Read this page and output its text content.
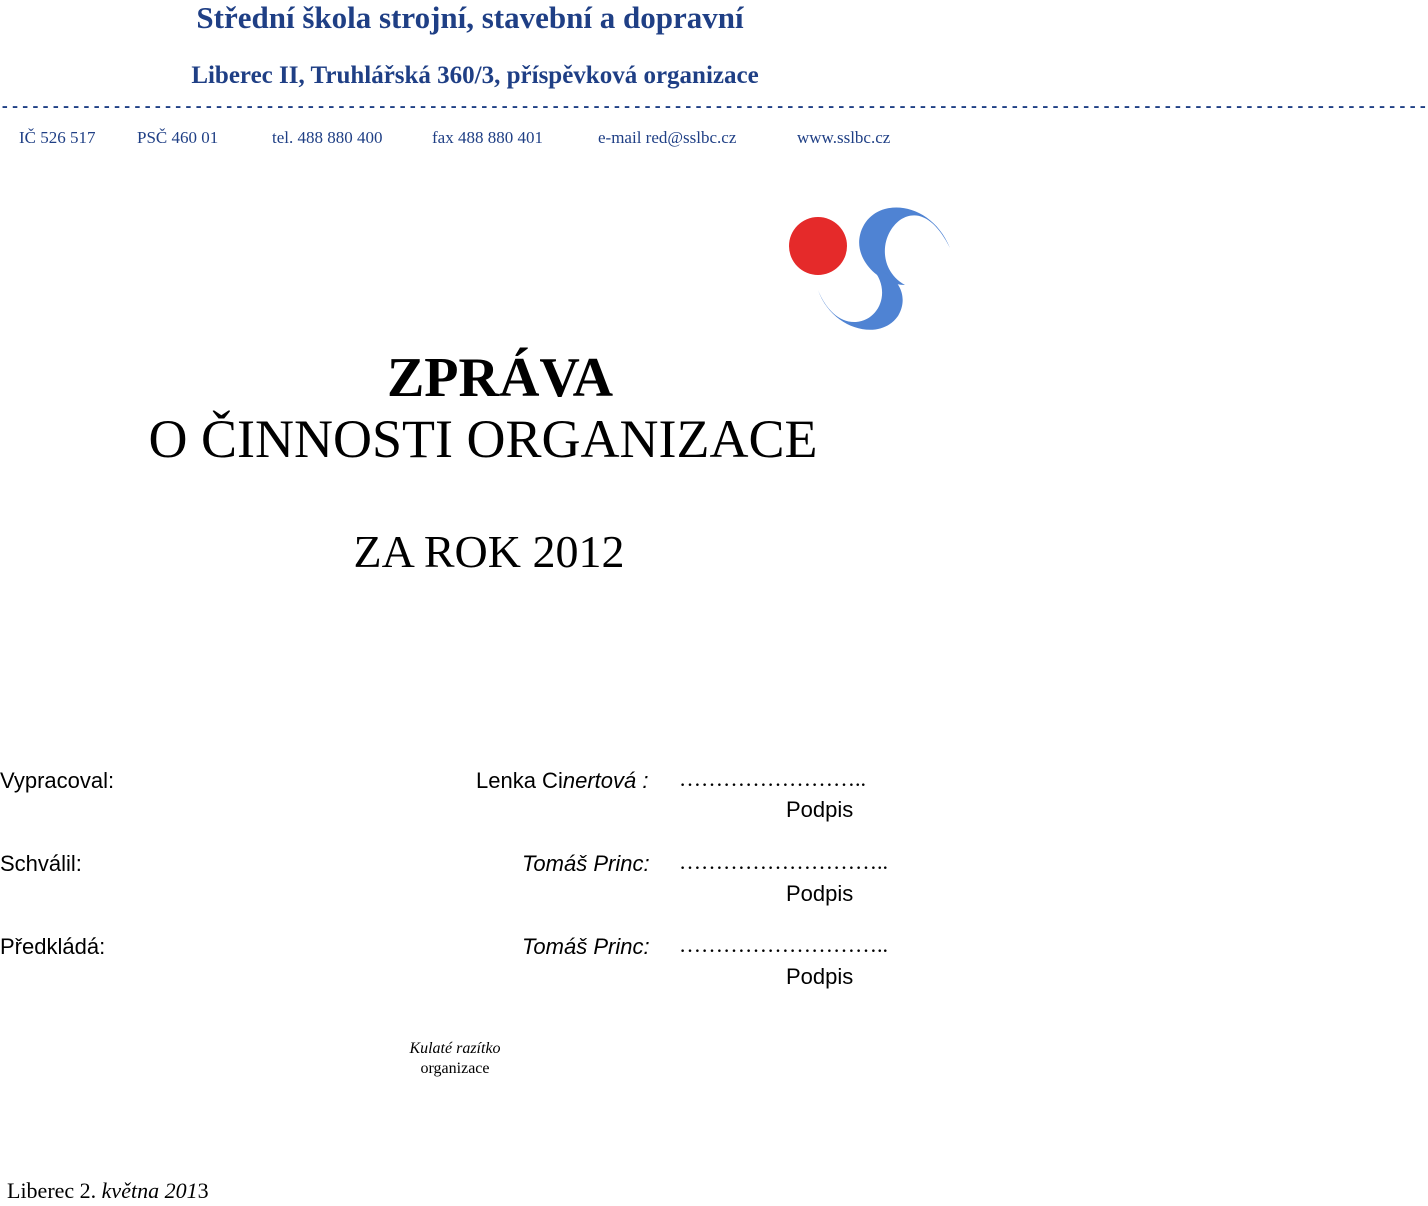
Střední škola strojní, stavební a dopravní
Liberec II, Truhlářská 360/3, příspěvková organizace
--------------------------------------------------------------------------------------------------------------------------------------------
IČ 526 517 PSČ 460 01	tel. 488 880 400	fax 488 880 401	e-mail red@sslbc.cz	www.sslbc.cz
ZPRÁVA
O ČINNOSTI ORGANIZACE
ZA ROK 2012
Vypracoval:	Lenka Cinertová : ……………………..
Podpis
Schválil:	Tomáš Princ: ………………………..
Podpis
Předkládá:	Tomáš Princ: ………………………..
Podpis
Kulaté razítko
organizace
Liberec 2. května 2013
